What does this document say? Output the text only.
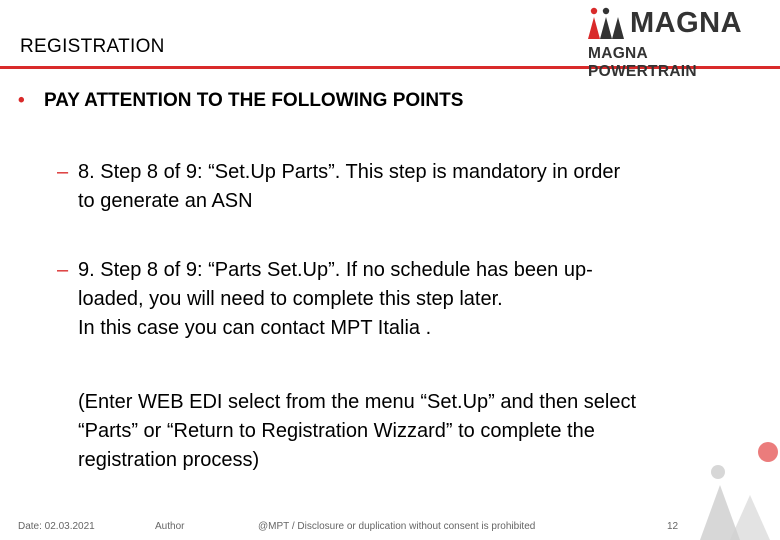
REGISTRATION
MAGNA
MAGNA POWERTRAIN
• PAY ATTENTION TO THE FOLLOWING POINTS
– 8. Step 8 of 9: “Set.Up Parts”. This step is mandatory in order
to generate an ASN
– 9. Step 8 of 9: “Parts Set.Up”. If no schedule has been up-
loaded, you will need to complete this step later.
In this case you can contact MPT Italia .
(Enter WEB EDI select from the menu “Set.Up” and then select
“Parts” or “Return to Registration Wizzard” to complete the
registration process)
Date: 02.03.2021	Author	@MPT / Disclosure or duplication without consent is prohibited	12
